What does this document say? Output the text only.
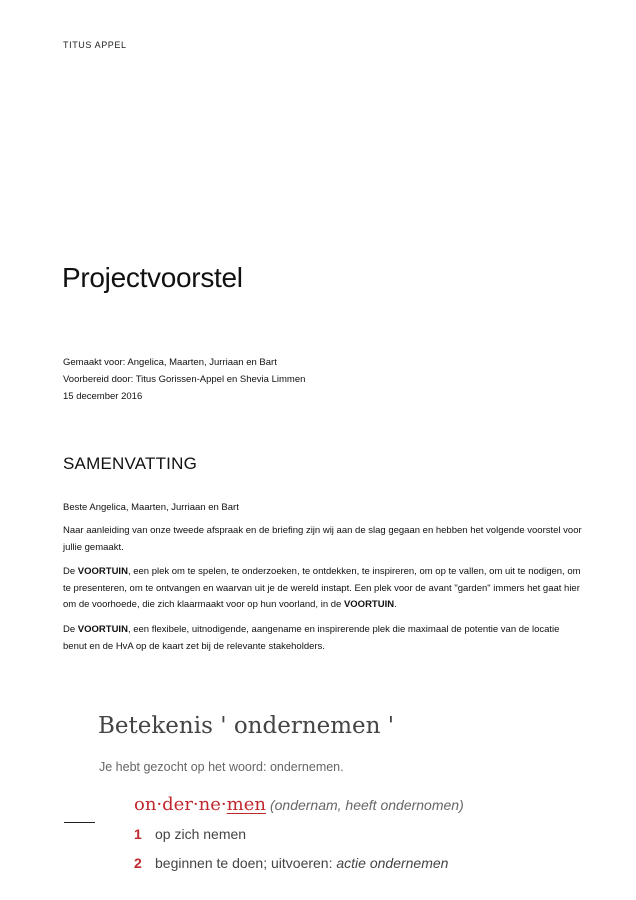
TITUS APPEL
Projectvoorstel
Gemaakt voor: Angelica, Maarten, Jurriaan en Bart
Voorbereid door: Titus Gorissen-Appel en Shevia Limmen
15 december 2016
SAMENVATTING
Beste Angelica, Maarten, Jurriaan en Bart
Naar aanleiding van onze tweede afspraak en de briefing zijn wij aan de slag gegaan en hebben het volgende voorstel voor jullie gemaakt.
De VOORTUIN, een plek om te spelen, te onderzoeken, te ontdekken, te inspireren, om op te vallen, om uit te nodigen, om te presenteren, om te ontvangen en waarvan uit je de wereld instapt. Een plek voor de avant "garden" immers het gaat hier om de voorhoede, die zich klaarmaakt voor op hun voorland, in de VOORTUIN.
De VOORTUIN, een flexibele, uitnodigende, aangename en inspirerende plek die maximaal de potentie van de locatie benut en de HvA op de kaart zet bij de relevante stakeholders.
Betekenis ' ondernemen '
Je hebt gezocht op het woord: ondernemen.
on·der·ne·men (ondernam, heeft ondernomen)
1 op zich nemen
2 beginnen te doen; uitvoeren: actie ondernemen
